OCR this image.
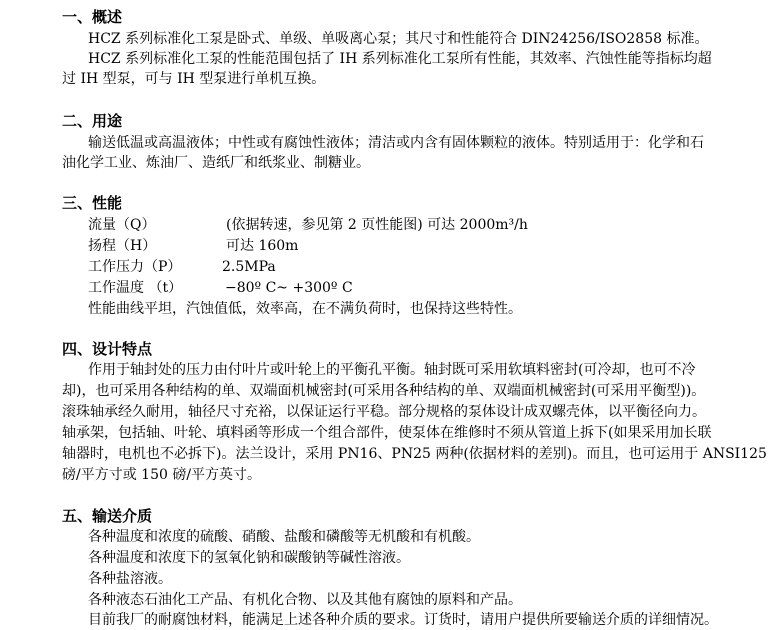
一、概述
HCZ 系列标准化工泵是卧式、单级、单吸离心泵；其尺寸和性能符合 DIN24256/ISO2858 标准。
HCZ 系列标准化工泵的性能范围包括了 IH 系列标准化工泵所有性能，其效率、汽蚀性能等指标均超
过 IH 型泵，可与 IH 型泵进行单机互换。
二、用途
输送低温或高温液体；中性或有腐蚀性液体；清洁或内含有固体颗粒的液体。特别适用于：化学和石
油化学工业、炼油厂、造纸厂和纸浆业、制糖业。
三、性能
流量（Q）	(依据转速，参见第 2 页性能图) 可达 2000m³/h
扬程（H）	可达 160m
工作压力（P）	2.5MPa
工作温度 （t）	−80º C~ +300º C
性能曲线平坦，汽蚀值低，效率高，在不满负荷时，也保持这些特性。
四、设计特点
作用于轴封处的压力由付叶片或叶轮上的平衡孔平衡。轴封既可采用软填料密封(可冷却，也可不冷
却)，也可采用各种结构的单、双端面机械密封(可采用各种结构的单、双端面机械密封(可采用平衡型))。
滚珠轴承经久耐用，轴径尺寸充裕，以保证运行平稳。部分规格的泵体设计成双螺壳体，以平衡径向力。
轴承架，包括轴、叶轮、填料函等形成一个组合部件，使泵体在维修时不须从管道上拆下(如果采用加长联
轴器时，电机也不必拆下)。法兰设计，采用 PN16、PN25 两种(依据材料的差别)。而且，也可运用于 ANSI125
磅/平方寸或 150 磅/平方英寸。
五、输送介质
各种温度和浓度的硫酸、硝酸、盐酸和磷酸等无机酸和有机酸。
各种温度和浓度下的氢氧化钠和碳酸钠等碱性溶液。
各种盐溶液。
各种液态石油化工产品、有机化合物、以及其他有腐蚀的原料和产品。
目前我厂的耐腐蚀材料，能满足上述各种介质的要求。订货时，请用户提供所要输送介质的详细情况。
